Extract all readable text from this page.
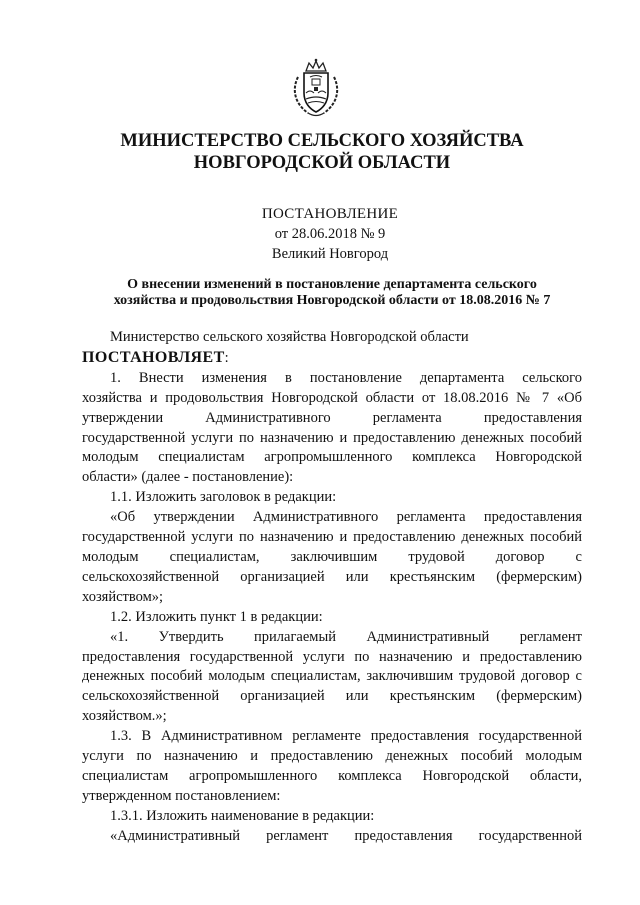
МИНИСТЕРСТВО СЕЛЬСКОГО ХОЗЯЙСТВА
НОВГОРОДСКОЙ ОБЛАСТИ
ПОСТАНОВЛЕНИЕ
от 28.06.2018 № 9
Великий Новгород
О внесении изменений в постановление департамента сельского
хозяйства и продовольствия Новгородской области от 18.08.2016 № 7

Министерство сельского хозяйства Новгородской области

ПОСТАНОВЛЯЕТ:

1. Внести изменения в постановление департамента сельского

хозяйства и продовольствия Новгородской области от 18.08.2016 № 7 «Об

утверждении Административного регламента предоставления

государственной услуги по назначению и предоставлению денежных пособий

молодым специалистам агропромышленного комплекса Новгородской

области» (далее - постановление):

1.1. Изложить заголовок в редакции:

«Об утверждении Административного регламента предоставления

государственной услуги по назначению и предоставлению денежных пособий

молодым специалистам, заключившим трудовой договор с

сельскохозяйственной организацией или крестьянским (фермерским)

хозяйством»;

1.2. Изложить пункт 1 в редакции:

«1. Утвердить прилагаемый Административный регламент

предоставления государственной услуги по назначению и предоставлению

денежных пособий молодым специалистам, заключившим трудовой договор с

сельскохозяйственной организацией или крестьянским (фермерским)

хозяйством.»;

1.3. В Административном регламенте предоставления государственной

услуги по назначению и предоставлению денежных пособий молодым

специалистам агропромышленного комплекса Новгородской области,

утвержденном постановлением:

1.3.1. Изложить наименование в редакции:

«Административный регламент предоставления государственной
